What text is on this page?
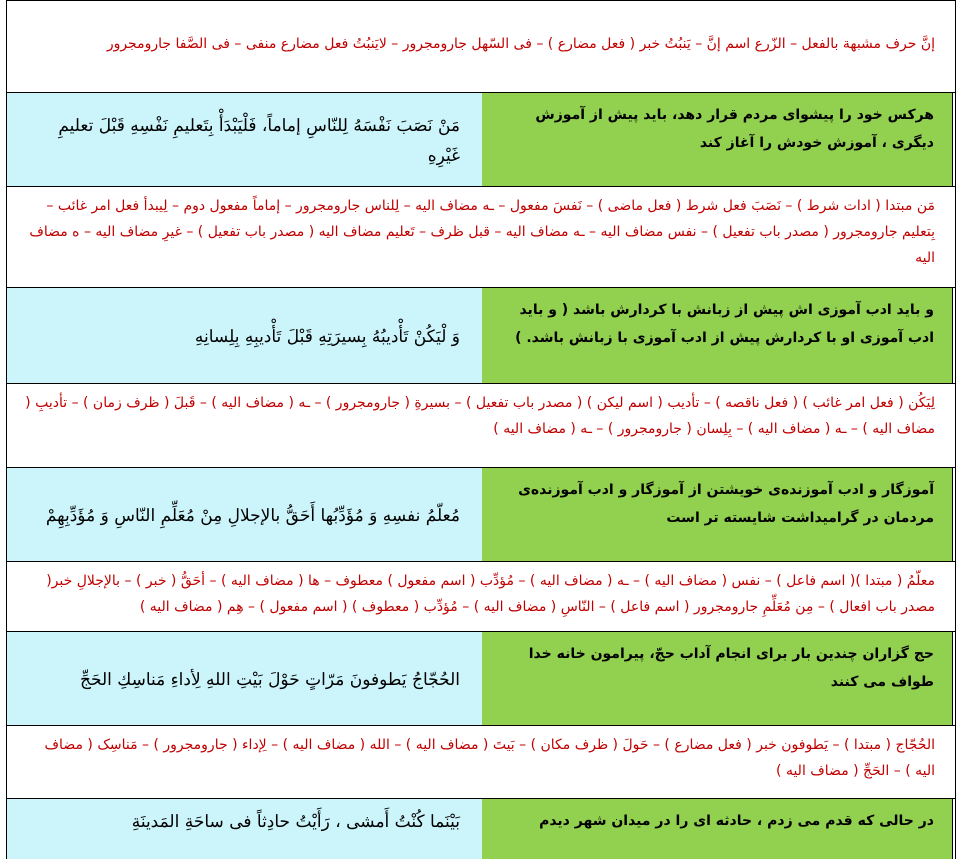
إنَّ حرف مشبهة بالفعل – الزّرع اسم إنَّ – یَنبُتُ خبر ( فعل مضارع ) – فی السّهل جارومجرور – لایَنبُتُ فعل مضارع منفی – فی الصَّفا جارومجرور
مَنْ نَصَبَ نَفْسَهُ لِلنّاسِ إماماً، فَلْيَبْدَأْ بِتَعليمِ نَفْسِهِ قَبْلَ تعليمِ غَيْرِهِ
هرکس خود را پیشوای مردم قرار دهد، باید پیش از آموزش دیگری ، آموزش خودش را آغاز کند
مَن مبتدا ( ادات شرط ) – نَصَبَ فعل شرط ( فعل ماضی ) – نَفسَ مفعول – ـه مضاف الیه – لِلناس جارومجرور – إماماً مفعول دوم – لِیبدأ فعل امر غائب – بِتعلیم جارومجرور ( مصدر باب تفعیل ) – نفس مضاف الیه – ـه مضاف الیه – قبل ظرف – تَعلیم مضاف الیه ( مصدر باب تفعیل ) – غیرِ مضاف الیه – ه مضاف الیه
وَ لْيَكُنْ تَأْديبُهُ بِسيرَتِهِ قَبْلَ تَأْديبِهِ بِلِسانِهِ
و باید ادب آموزی اش پیش از زبانش با کردارش باشد ( و باید ادب آموزی او با کردارش پیش از ادب آموزی با زبانش باشد. )
لِیَکُن ( فعل امر غائب ) ( فعل ناقصه ) – تأدیب ( اسم لیکن ) ( مصدر باب تفعیل ) – بسیرةِ ( جارومجرور ) – ـه ( مضاف الیه ) – قَبلَ ( ظرف زمان ) – تأدیبِ ( مضاف الیه ) – ـه ( مضاف الیه ) – بِلِسان ( جارومجرور ) – ـه ( مضاف الیه )
مُعلّمُ نفسِهِ وَ مُؤَدِّبُها أَحَقُّ بالإجلالِ مِنْ مُعَلِّمِ النّاسِ وَ مُؤَدِّبِهِمْ
آموزگار و ادب آموزنده‌ی خویشتن از آموزگار و ادب آموزنده‌ی مردمان در گرامیداشت شایسته تر است
معلّمُ ( مبتدا )( اسم فاعل ) – نفس ( مضاف الیه ) – ـه ( مضاف الیه ) – مُؤدِّب ( اسم مفعول ) معطوف – ها ( مضاف الیه ) – أحَقُّ ( خبر ) – بالإجلالِ خبر( مصدر باب افعال ) – مِن مُعَلِّمِ جارومجرور ( اسم فاعل ) – النّاسِ ( مضاف الیه ) – مُؤدِّب ( معطوف ) ( اسم مفعول ) – هِم ( مضاف الیه )
الحُجّاجُ يَطوفونَ مَرّاتٍ حَوْلَ بَيْتِ اللهِ لِأداءِ مَناسِكِ الحَجِّ
حج گزاران چندین بار برای انجام آداب حجّ، پیرامون خانه خدا طواف می کنند
الحُجّاج ( مبتدا ) – یَطوفون خبر ( فعل مضارع ) – حَولَ ( ظرف مکان ) – بَیتَ ( مضاف الیه ) – الله ( مضاف الیه ) – لِإداء ( جارومجرور ) – مَناسِک ( مضاف الیه ) – الحَجِّ ( مضاف الیه )
بَيْنَما كُنْتُ أَمشی ، رَأَيْتُ حادِثاً فی ساحَةِ المَدينَةِ	در حالی که قدم می زدم ، حادثه ای را در میدان شهر دیدم
